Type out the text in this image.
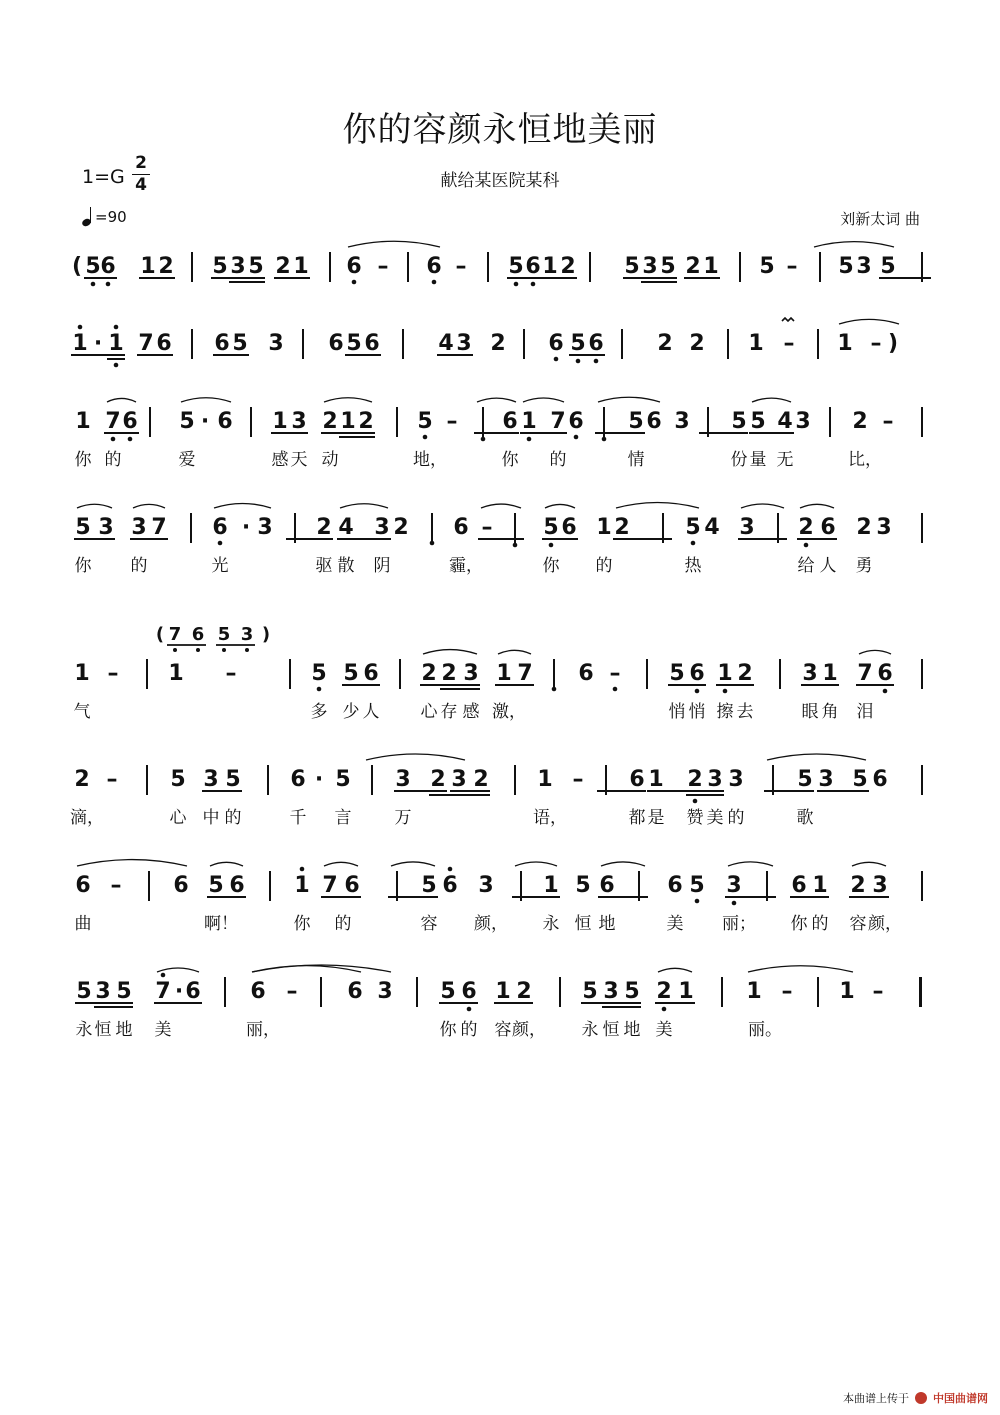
你的容颜永恒地美丽
献给某医院某科
1=G
2
4
=90	刘新太词 曲
( 5 6 1 2 5 3 5 2 1 6 – 6 – 5 6 1 2 5 3 5 2 1 5 – 5 3 5
1 · 1 7 6 6 5 3 6 5 6	4 3 2 6 5 6 2 2 1 – 1 – )
1 7 6 5 · 6 1 3 2 1 2 5 – 6 1 7 6 5 6 3 5 5 4 3 2 –
你 的	爱	感 天 动	地，	你 的	情	份 量 无	比，
5 3 3 7 6 · 3 2 4 3 2 6 – 5 6 1 2	5 4 3 2 6 2 3
你 的	光	驱 散 阴	霾，	你 的	热	给 人 勇
1 – 1 –	5 5 6 2 2 3 1 7 6 – 5 6 1 2 3 1 7 6
( 7 6 5 3 )
气	多 少 人 心 存 感 激，	悄 悄 擦 去	眼 角 泪
2 – 5 3 5 6 · 5 3 2 3 2 1 – 6 1 2 3 3 5 3 5 6
滴，	心 中 的	千 言	万	语，	都 是 赞 美 的	歌
6 – 6 5 6 1 7 6	5 6 3 1 5 6 6 5 3 6 1 2 3
曲	啊！	你 的	容 颜， 永 恒 地	美 丽； 你 的 容 颜，
5 3 5 7 · 6 6 – 6 3 5 6 1 2 5 3 5 2 1 1 – 1 –
永 恒 地 美	丽，	你 的 容 颜， 永 恒 地 美	丽。
本曲谱上传于 中国曲谱网
